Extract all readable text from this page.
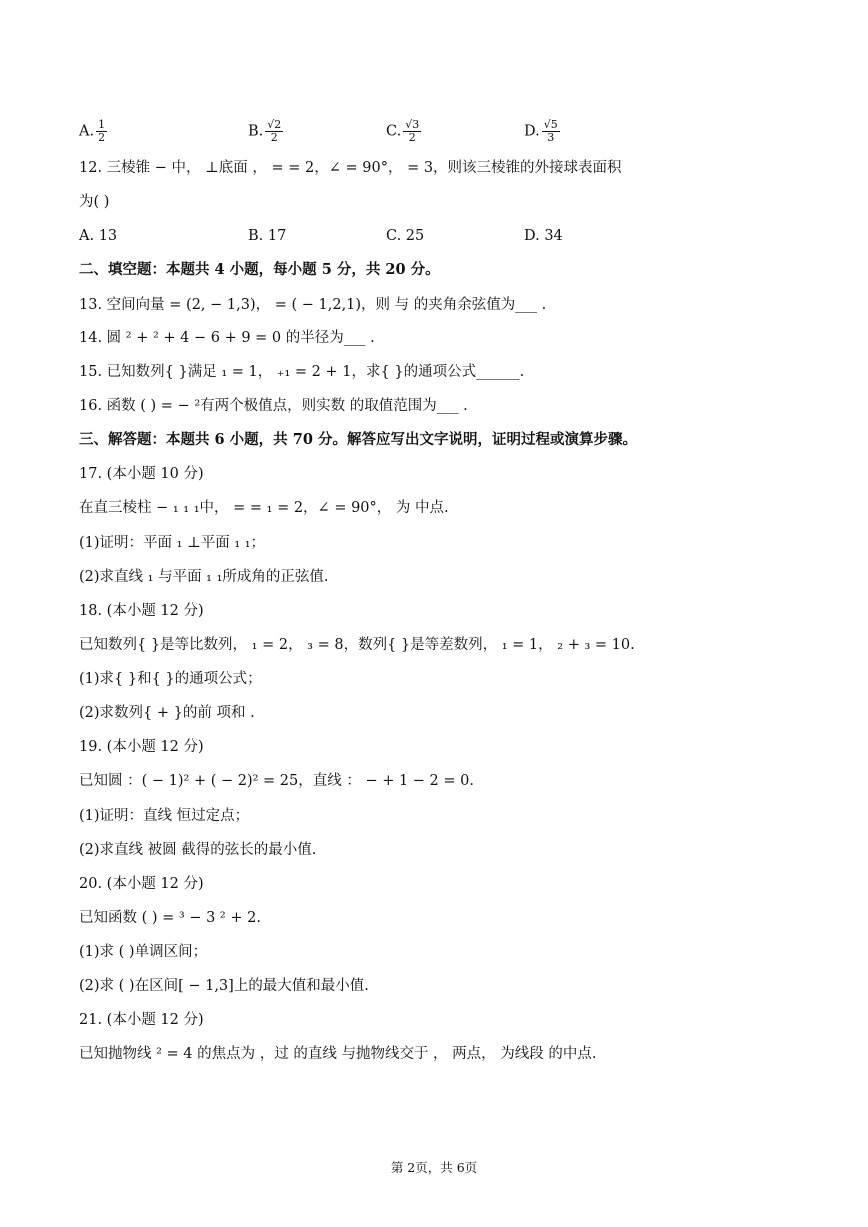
A. $\frac{1}{2}$	B. $\frac{√2}{2}$	C. $\frac{√3}{2}$	D. $\frac{√5}{3}$
12. 三棱锥 − 中， ⊥底面 ， = = 2，∠ = 90°， = 3，则该三棱锥的外接球表面积
为( )
A. 13	B. 17	C. 25	D. 34
二、填空题：本题共 4 小题，每小题 5 分，共 20 分。
13. 空间向量 = (2, − 1,3)， = ( − 1,2,1)，则 与 的夹角余弦值为___ .
14. 圆 ² + ² + 4 − 6 + 9 = 0 的半径为___ .
15. 已知数列{ }满足 ₁ = 1， ₊₁ = 2 + 1，求{ }的通项公式______.
16. 函数 ( ) = − ²有两个极值点，则实数 的取值范围为___ .
三、解答题：本题共 6 小题，共 70 分。解答应写出文字说明，证明过程或演算步骤。
17. (本小题 10 分)
在直三棱柱 − ₁ ₁ ₁中， = = ₁ = 2，∠ = 90°， 为 中点.
(1)证明：平面 ₁ ⊥平面 ₁ ₁；
(2)求直线 ₁ 与平面 ₁ ₁所成角的正弦值.
18. (本小题 12 分)
已知数列{ }是等比数列， ₁ = 2， ₃ = 8，数列{ }是等差数列， ₁ = 1， ₂ + ₃ = 10.
(1)求{ }和{ }的通项公式；
(2)求数列{ + }的前 项和 .
19. (本小题 12 分)
已知圆 ：( − 1)² + ( − 2)² = 25，直线 ： − + 1 − 2 = 0.
(1)证明：直线 恒过定点；
(2)求直线 被圆 截得的弦长的最小值.
20. (本小题 12 分)
已知函数 ( ) = ³ − 3 ² + 2.
(1)求 ( )单调区间；
(2)求 ( )在区间[ − 1,3]上的最大值和最小值.
21. (本小题 12 分)
已知抛物线 ² = 4 的焦点为 ，过 的直线 与抛物线交于 ， 两点， 为线段 的中点.
第 2页，共 6页
